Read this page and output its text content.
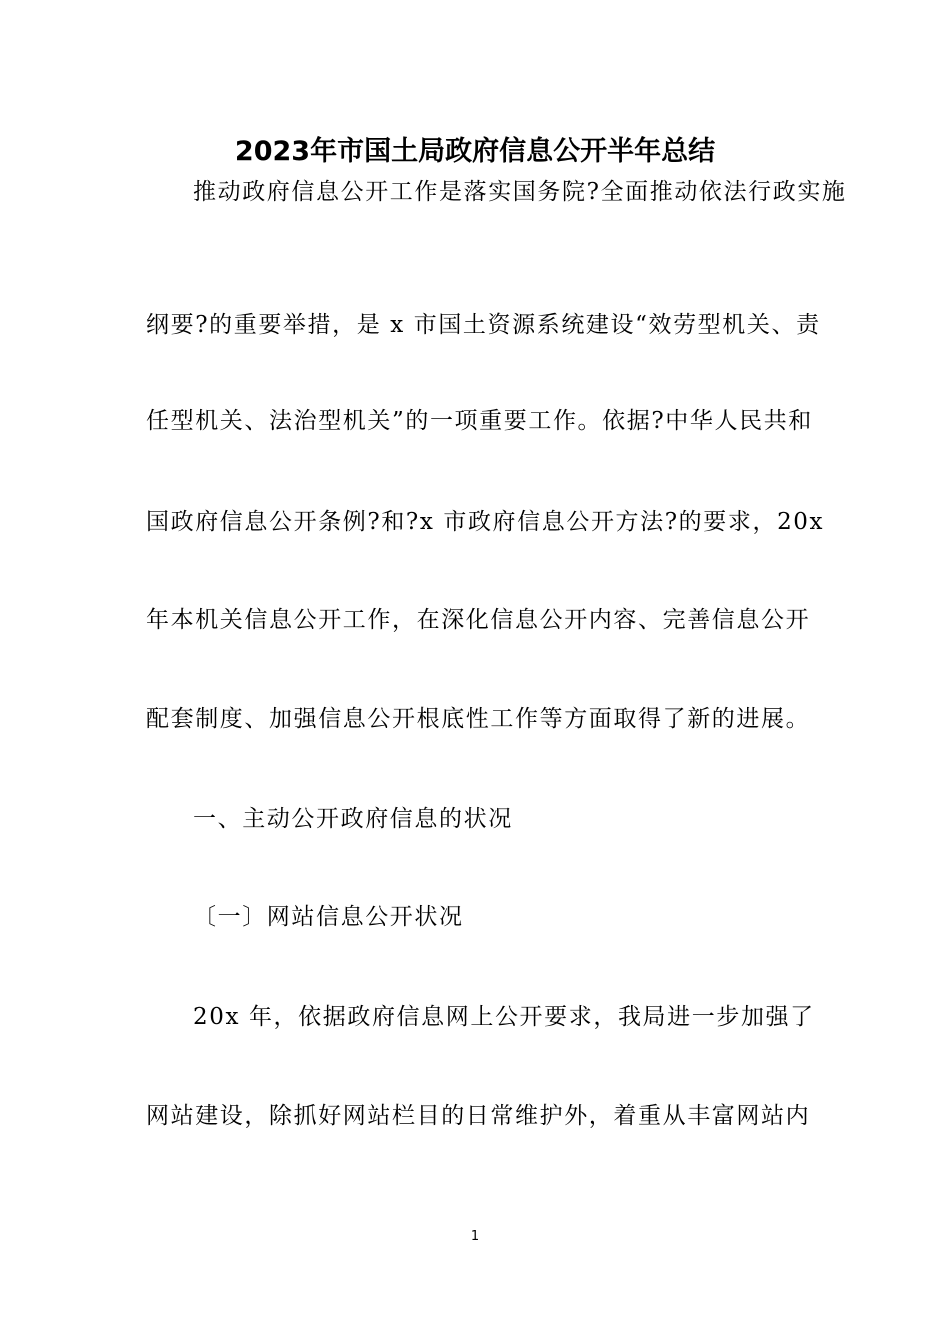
2023年市国土局政府信息公开半年总结
推动政府信息公开工作是落实国务院?全面推动依法行政实施
纲要?的重要举措，是 x 市国土资源系统建设“效劳型机关、责
任型机关、法治型机关”的一项重要工作。依据?中华人民共和
国政府信息公开条例?和?x 市政府信息公开方法?的要求，20x
年本机关信息公开工作，在深化信息公开内容、完善信息公开
配套制度、加强信息公开根底性工作等方面取得了新的进展。
一、主动公开政府信息的状况
〔一〕网站信息公开状况
20x 年，依据政府信息网上公开要求，我局进一步加强了
网站建设，除抓好网站栏目的日常维护外，着重从丰富网站内
1
